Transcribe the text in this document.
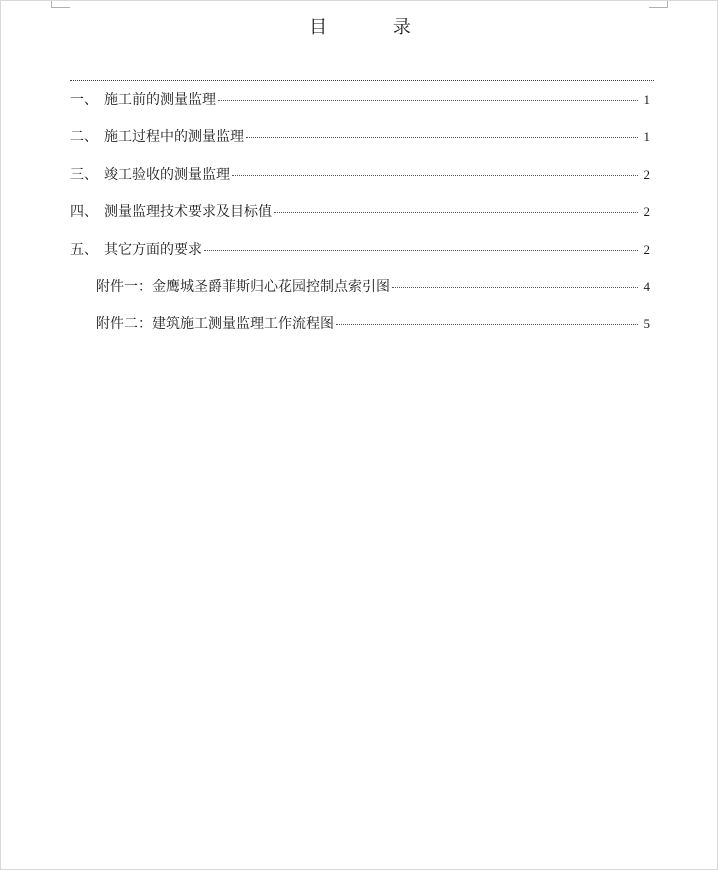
目 录
一、 施工前的测量监理	1
二、 施工过程中的测量监理	1
三、 竣工验收的测量监理	2
四、 测量监理技术要求及目标值	2
五、 其它方面的要求	2
附件一：金鹰城圣爵菲斯归心花园控制点索引图	4
附件二：建筑施工测量监理工作流程图	5
